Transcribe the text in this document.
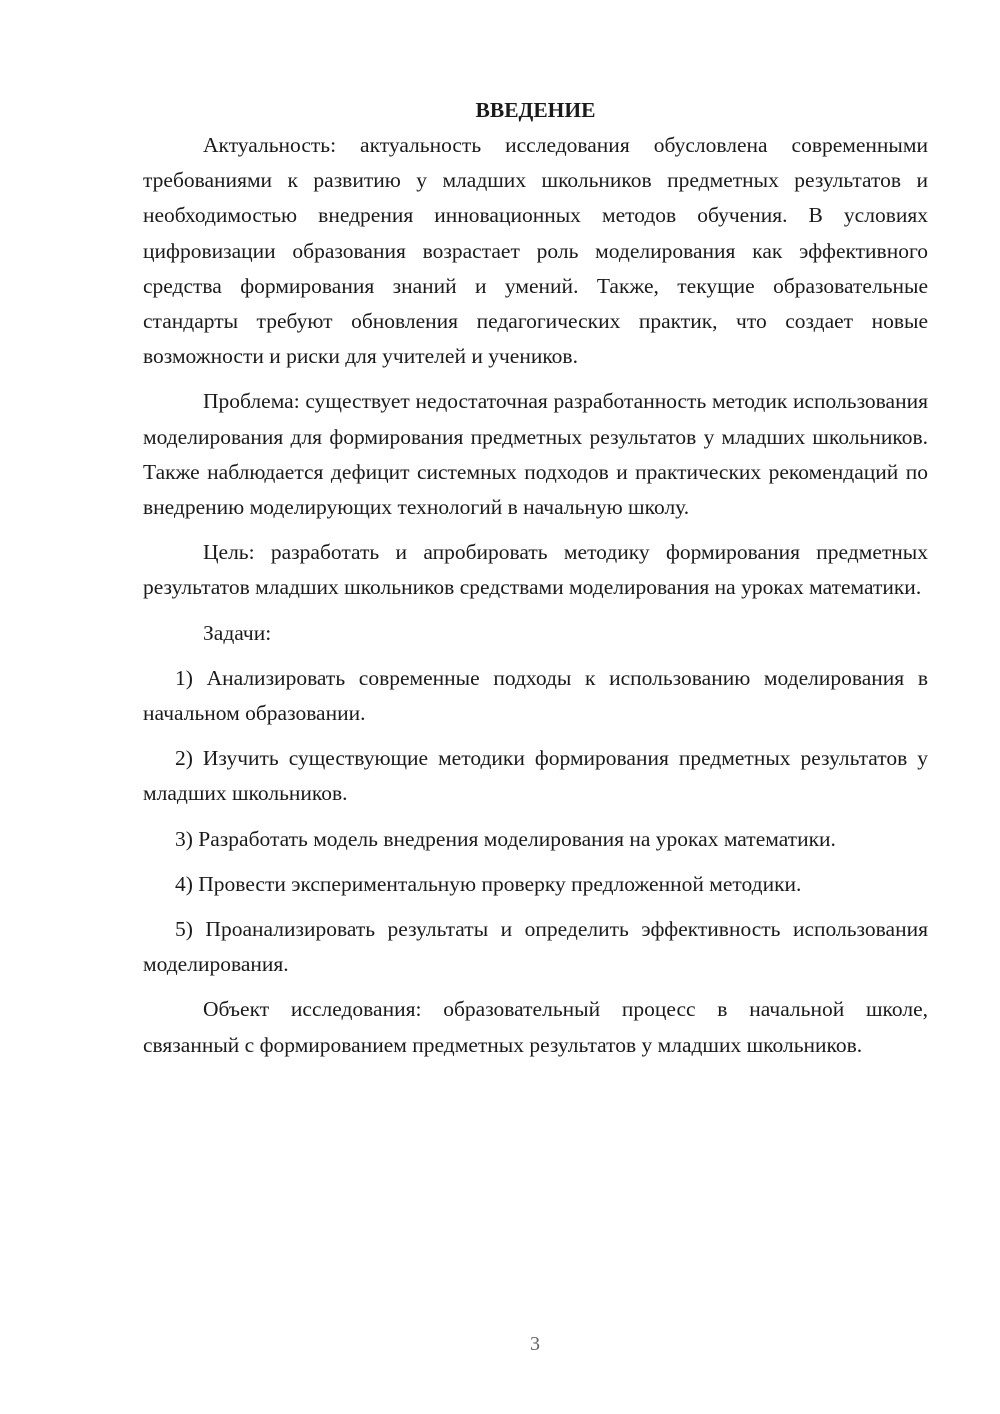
ВВЕДЕНИЕ

Актуальность: актуальность исследования обусловлена современными требованиями к развитию у младших школьников предметных результатов и необходимостью внедрения инновационных методов обучения. В условиях цифровизации образования возрастает роль моделирования как эффективного средства формирования знаний и умений. Также, текущие образовательные стандарты требуют обновления педагогических практик, что создает новые возможности и риски для учителей и учеников.

Проблема: существует недостаточная разработанность методик использования моделирования для формирования предметных результатов у младших школьников. Также наблюдается дефицит системных подходов и практических рекомендаций по внедрению моделирующих технологий в начальную школу.

Цель: разработать и апробировать методику формирования предметных результатов младших школьников средствами моделирования на уроках математики.

Задачи:

1) Анализировать современные подходы к использованию моделирования в начальном образовании.

2) Изучить существующие методики формирования предметных результатов у младших школьников.

3) Разработать модель внедрения моделирования на уроках математики.

4) Провести экспериментальную проверку предложенной методики.

5) Проанализировать результаты и определить эффективность использования моделирования.

Объект исследования: образовательный процесс в начальной школе, связанный с формированием предметных результатов у младших школьников.

3
